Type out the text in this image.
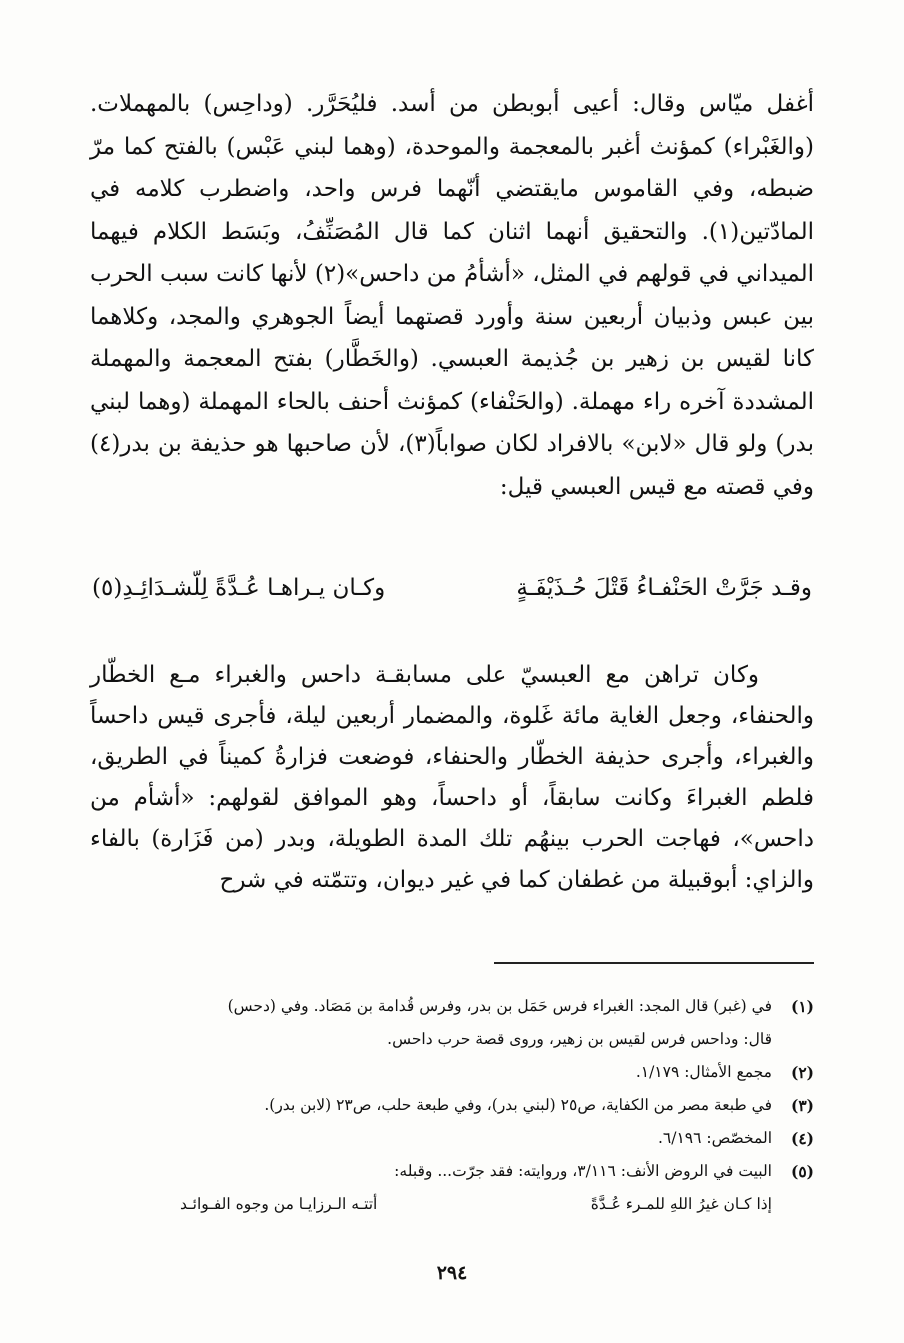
أغفل ميّاس وقال: أعيى أبوبطن من أسد. فليُحَرَّر. (وداحِس) بالمهملات. (والغَبْراء) كمؤنث أغبر بالمعجمة والموحدة، (وهما لبني عَبْس) بالفتح كما مرّ ضبطه، وفي القاموس مايقتضي أنّهما فرس واحد، واضطرب كلامه في المادّتين(١). والتحقيق أنهما اثنان كما قال المُصَنِّفُ، وبَسَط الكلام فيهما الميداني في قولهم في المثل، «أشأمُ من داحس»(٢) لأنها كانت سبب الحرب بين عبس وذبيان أربعين سنة وأورد قصتهما أيضاً الجوهري والمجد، وكلاهما كانا لقيس بن زهير بن جُذيمة العبسي. (والخَطَّار) بفتح المعجمة والمهملة المشددة آخره راء مهملة. (والحَنْفاء) كمؤنث أحنف بالحاء المهملة (وهما لبني بدر) ولو قال «لابن» بالافراد لكان صواباً(٣)، لأن صاحبها هو حذيفة بن بدر(٤) وفي قصته مع قيس العبسي قيل:

وقـد جَرَّتْ الحَنْفـاءُ قَتْلَ حُـذَيْفَـةٍ
وكـان يـراهـا عُـدَّةً لِلّشـدَائِـدِ(٥)

وكان تراهن مع العبسيّ على مسابقـة داحس والغبراء مـع الخطّار والحنفاء، وجعل الغاية مائة غَلوة، والمضمار أربعين ليلة، فأجرى قيس داحساً والغبراء، وأجرى حذيفة الخطّار والحنفاء، فوضعت فزارةُ كميناً في الطريق، فلطم الغبراءَ وكانت سابقاً، أو داحساً، وهو الموافق لقولهم: «أشأم من داحس»، فهاجت الحرب بينهُم تلك المدة الطويلة، وبدر (من فَزَارة) بالفاء والزاي: أبوقبيلة من غطفان كما في غير ديوان، وتتمّته في شرح

(١)
في (غبر) قال المجد: الغبراء فرس حَمَل بن بدر، وفرس قُدامة بن مَصَاد. وفي (دحس)
قال: وداحس فرس لقيس بن زهير، وروى قصة حرب داحس.
(٢)
مجمع الأمثال: ١/١٧٩.
(٣)
في طبعة مصر من الكفاية، ص٢٥ (لبني بدر)، وفي طبعة حلب، ص٢٣ (لابن بدر).
(٤)
المخصّص: ٦/١٩٦.
(٥)
البيت في الروض الأنف: ٣/١١٦، وروايته: فقد جرّت... وقبله:
إذا كـان غيرُ اللهِ للمـرء عُـدَّةً
أتتـه الـرزايـا من وجوه الفـوائـد
٢٩٤
